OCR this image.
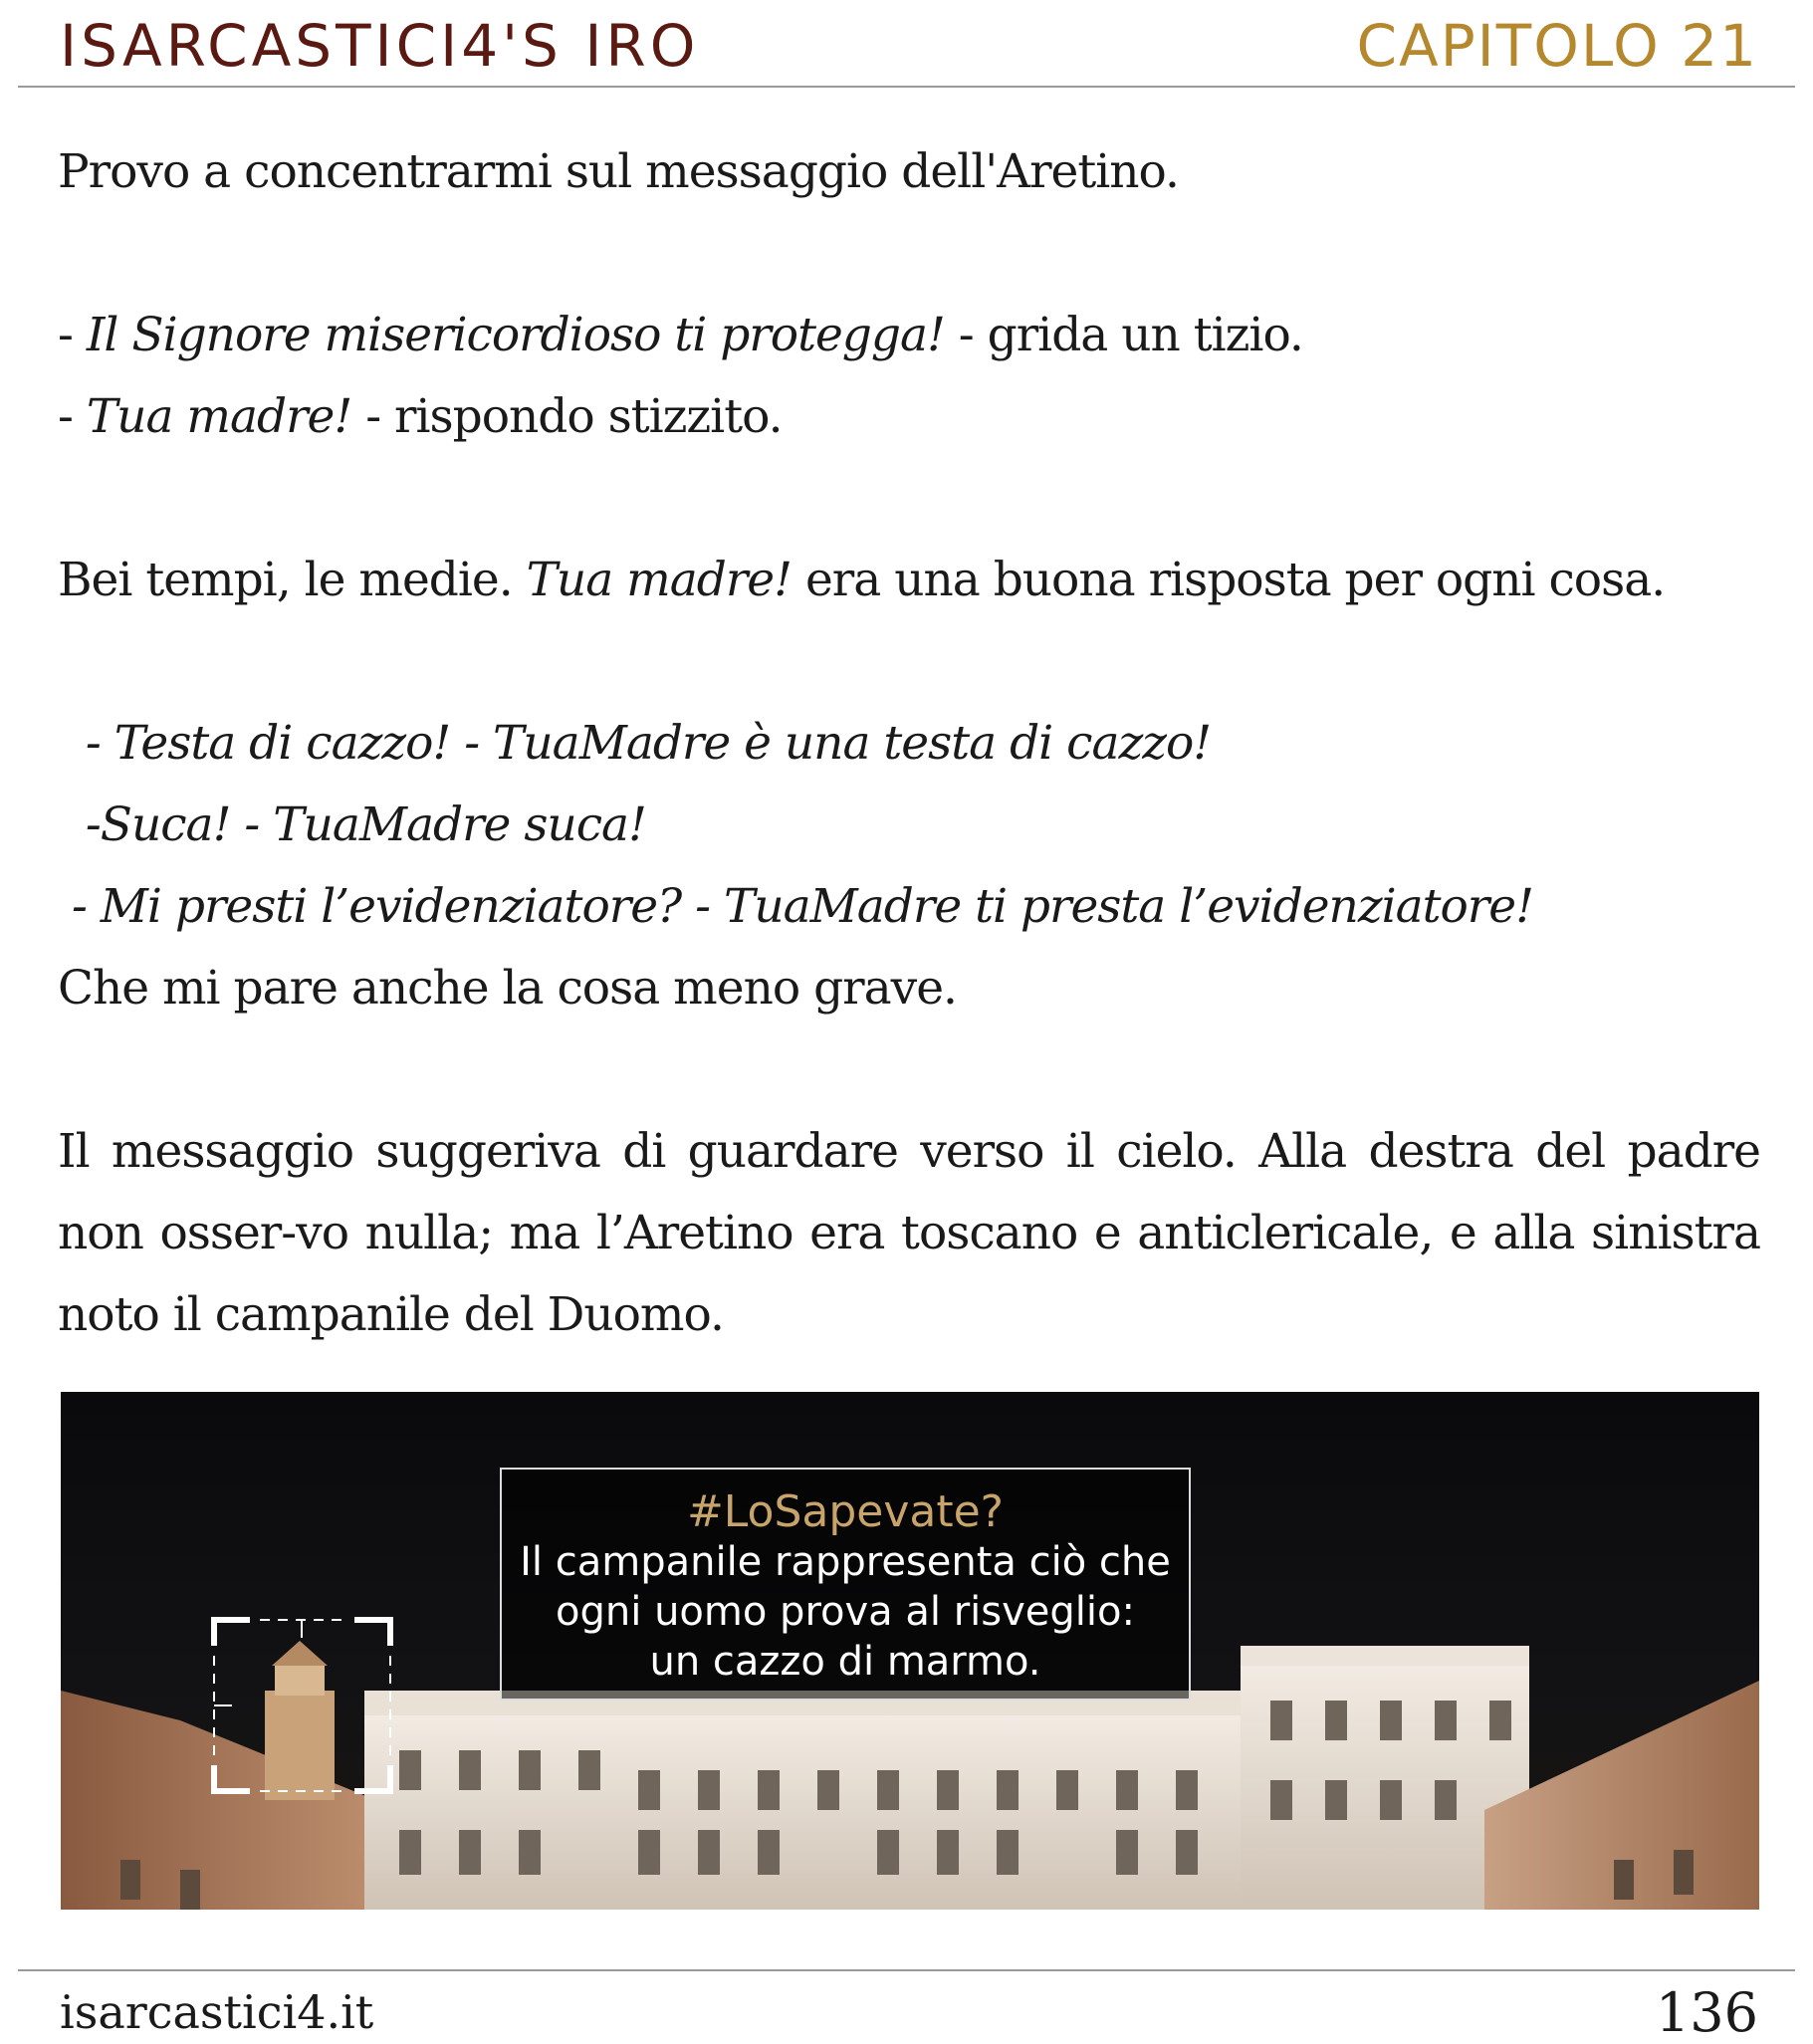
ISARCASTICI4'S IRO	CAPITOLO 21

Provo a concentrarmi sul messaggio dell'Aretino.

- Il Signore misericordioso ti protegga! - grida un tizio.

- Tua madre! - rispondo stizzito.

Bei tempi, le medie. Tua madre! era una buona risposta per ogni cosa.

- Testa di cazzo! - TuaMadre è una testa di cazzo!

-Suca! - TuaMadre suca!

- Mi presti l’evidenziatore? - TuaMadre ti presta l’evidenziatore!

Che mi pare anche la cosa meno grave.

Il messaggio suggeriva di guardare verso il cielo. Alla destra del padre non osser-vo nulla; ma l’Aretino era toscano e anticlericale, e alla sinistra noto il campanile del Duomo.

#LoSapevate?
Il campanile rappresenta ciò che
ogni uomo prova al risveglio:
un cazzo di marmo.
isarcastici4.it	136
